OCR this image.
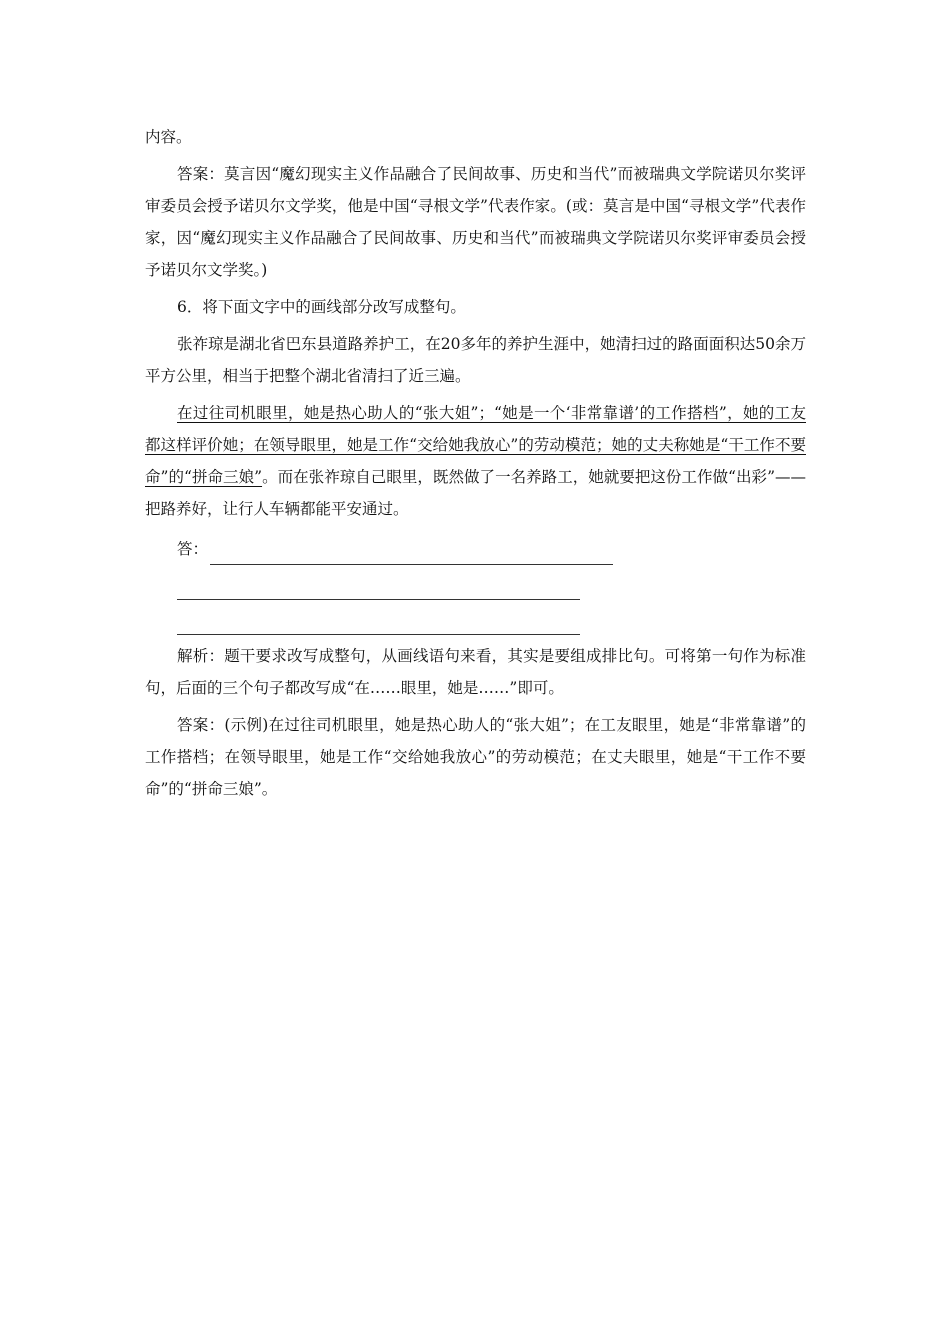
内容。

答案：莫言因“魔幻现实主义作品融合了民间故事、历史和当代”而被瑞典文学院诺贝尔奖评审委员会授予诺贝尔文学奖，他是中国“寻根文学”代表作家。(或：莫言是中国“寻根文学”代表作家，因“魔幻现实主义作品融合了民间故事、历史和当代”而被瑞典文学院诺贝尔奖评审委员会授予诺贝尔文学奖。)

6．将下面文字中的画线部分改写成整句。

张祚琼是湖北省巴东县道路养护工，在20多年的养护生涯中，她清扫过的路面面积达50余万平方公里，相当于把整个湖北省清扫了近三遍。

在过往司机眼里，她是热心助人的“张大姐”；“她是一个‘非常靠谱’的工作搭档”，她的工友都这样评价她；在领导眼里，她是工作“交给她我放心”的劳动模范；她的丈夫称她是“干工作不要命”的“拼命三娘”。而在张祚琼自己眼里，既然做了一名养路工，她就要把这份工作做“出彩”——把路养好，让行人车辆都能平安通过。

答：

解析：题干要求改写成整句，从画线语句来看，其实是要组成排比句。可将第一句作为标准句，后面的三个句子都改写成“在……眼里，她是……”即可。

答案：(示例)在过往司机眼里，她是热心助人的“张大姐”；在工友眼里，她是“非常靠谱”的工作搭档；在领导眼里，她是工作“交给她我放心”的劳动模范；在丈夫眼里，她是“干工作不要命”的“拼命三娘”。
